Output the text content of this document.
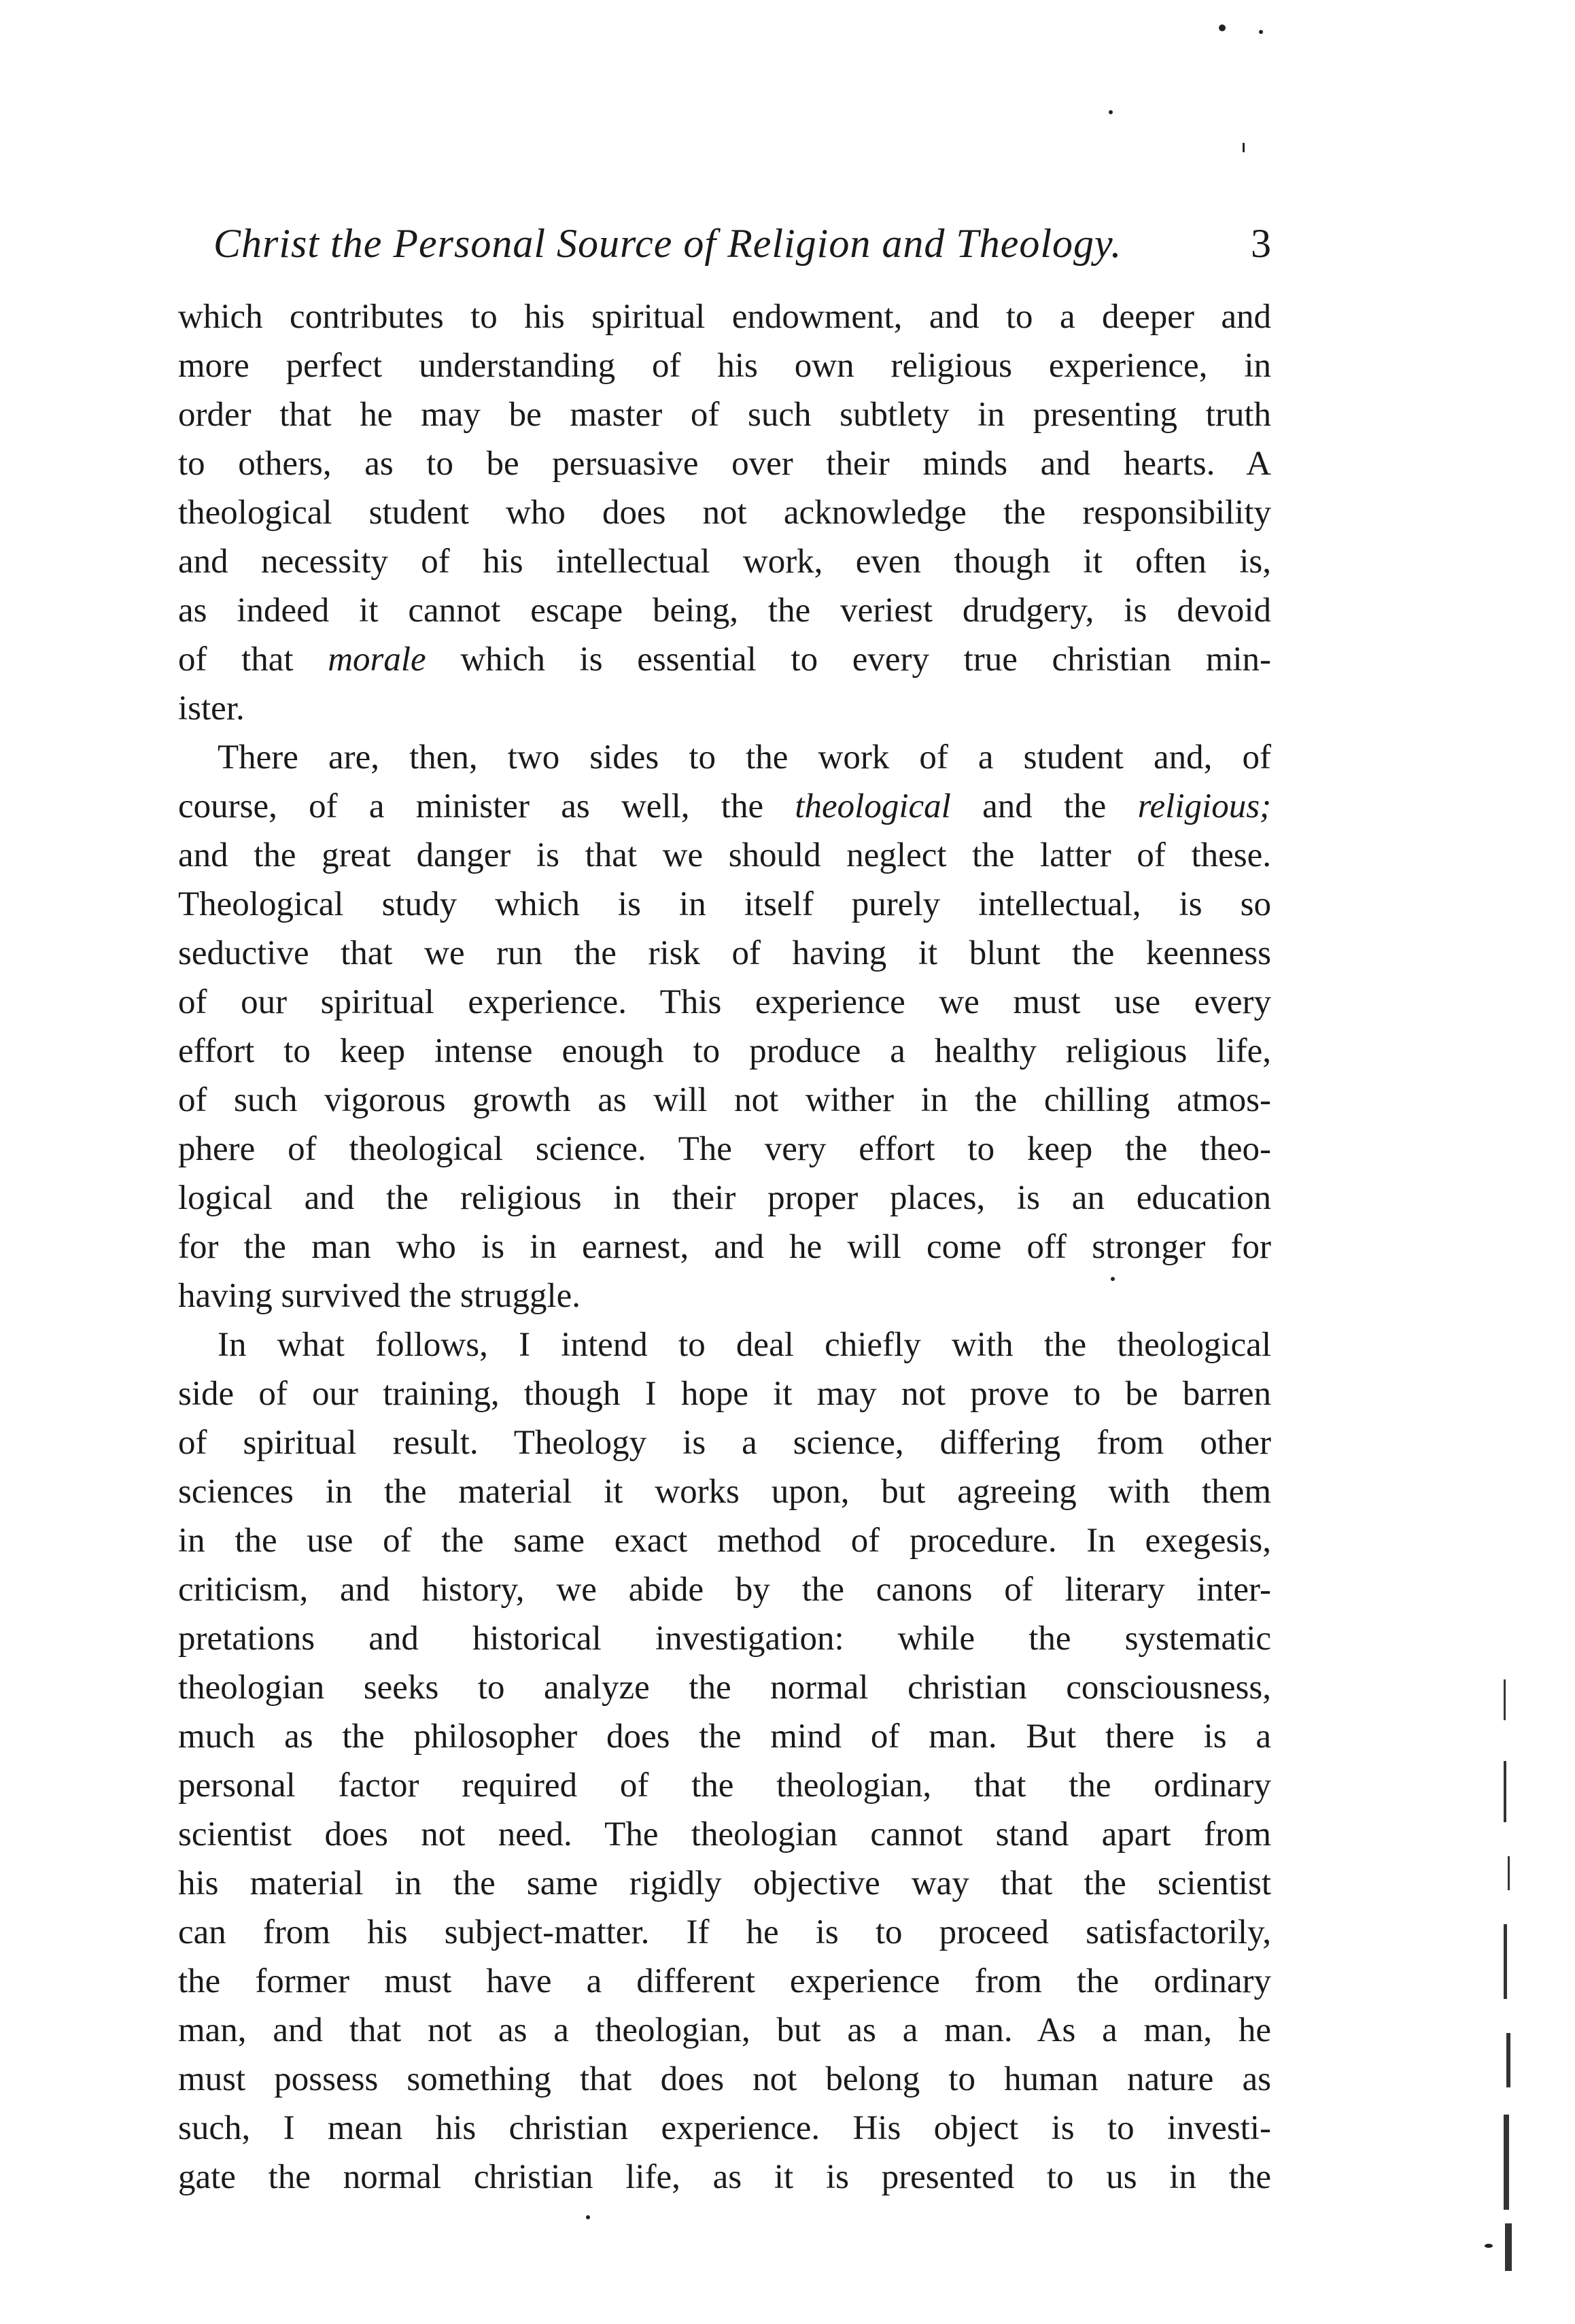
Christ the Personal Source of Religion and Theology.	3
which contributes to his spiritual endowment, and to a deeper and
more perfect understanding of his own religious experience, in
order that he may be master of such subtlety in presenting truth
to others, as to be persuasive over their minds and hearts. A
theological student who does not acknowledge the responsibility
and necessity of his intellectual work, even though it often is,
as indeed it cannot escape being, the veriest drudgery, is devoid
of that morale which is essential to every true christian min-
ister.
There are, then, two sides to the work of a student and, of
course, of a minister as well, the theological and the religious;
and the great danger is that we should neglect the latter of these.
Theological study which is in itself purely intellectual, is so
seductive that we run the risk of having it blunt the keenness
of our spiritual experience. This experience we must use every
effort to keep intense enough to produce a healthy religious life,
of such vigorous growth as will not wither in the chilling atmos-
phere of theological science. The very effort to keep the theo-
logical and the religious in their proper places, is an education
for the man who is in earnest, and he will come off stronger for
having survived the struggle.
In what follows, I intend to deal chiefly with the theological
side of our training, though I hope it may not prove to be barren
of spiritual result. Theology is a science, differing from other
sciences in the material it works upon, but agreeing with them
in the use of the same exact method of procedure. In exegesis,
criticism, and history, we abide by the canons of literary inter-
pretations and historical investigation: while the systematic
theologian seeks to analyze the normal christian consciousness,
much as the philosopher does the mind of man. But there is a
personal factor required of the theologian, that the ordinary
scientist does not need. The theologian cannot stand apart from
his material in the same rigidly objective way that the scientist
can from his subject-matter. If he is to proceed satisfactorily,
the former must have a different experience from the ordinary
man, and that not as a theologian, but as a man. As a man, he
must possess something that does not belong to human nature as
such, I mean his christian experience. His object is to investi-
gate the normal christian life, as it is presented to us in the
